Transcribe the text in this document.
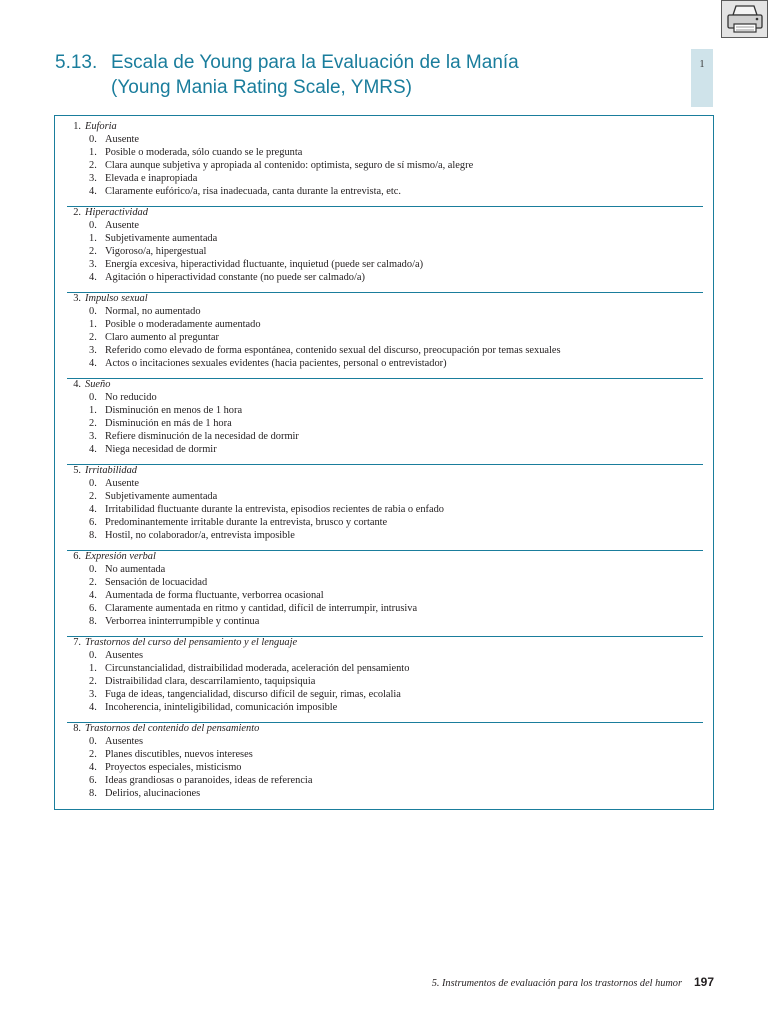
5.13. Escala de Young para la Evaluación de la Manía
(Young Mania Rating Scale, YMRS)
1
1. Euforia
0. Ausente
1. Posible o moderada, sólo cuando se le pregunta
2. Clara aunque subjetiva y apropiada al contenido: optimista, seguro de sí mismo/a, alegre
3. Elevada e inapropiada
4. Claramente eufórico/a, risa inadecuada, canta durante la entrevista, etc.
2. Hiperactividad
0. Ausente
1. Subjetivamente aumentada
2. Vigoroso/a, hipergestual
3. Energía excesiva, hiperactividad fluctuante, inquietud (puede ser calmado/a)
4. Agitación o hiperactividad constante (no puede ser calmado/a)
3. Impulso sexual
0. Normal, no aumentado
1. Posible o moderadamente aumentado
2. Claro aumento al preguntar
3. Referido como elevado de forma espontánea, contenido sexual del discurso, preocupación por temas sexuales
4. Actos o incitaciones sexuales evidentes (hacia pacientes, personal o entrevistador)
4. Sueño
0. No reducido
1. Disminución en menos de 1 hora
2. Disminución en más de 1 hora
3. Refiere disminución de la necesidad de dormir
4. Niega necesidad de dormir
5. Irritabilidad
0. Ausente
2. Subjetivamente aumentada
4. Irritabilidad fluctuante durante la entrevista, episodios recientes de rabia o enfado
6. Predominantemente irritable durante la entrevista, brusco y cortante
8. Hostil, no colaborador/a, entrevista imposible
6. Expresión verbal
0. No aumentada
2. Sensación de locuacidad
4. Aumentada de forma fluctuante, verborrea ocasional
6. Claramente aumentada en ritmo y cantidad, difícil de interrumpir, intrusiva
8. Verborrea ininterrumpible y continua
7. Trastornos del curso del pensamiento y el lenguaje
0. Ausentes
1. Circunstancialidad, distraibilidad moderada, aceleración del pensamiento
2. Distraibilidad clara, descarrilamiento, taquipsiquia
3. Fuga de ideas, tangencialidad, discurso difícil de seguir, rimas, ecolalia
4. Incoherencia, ininteligibilidad, comunicación imposible
8. Trastornos del contenido del pensamiento
0. Ausentes
2. Planes discutibles, nuevos intereses
4. Proyectos especiales, misticismo
6. Ideas grandiosas o paranoides, ideas de referencia
8. Delirios, alucinaciones
5. Instrumentos de evaluación para los trastornos del humor 197
